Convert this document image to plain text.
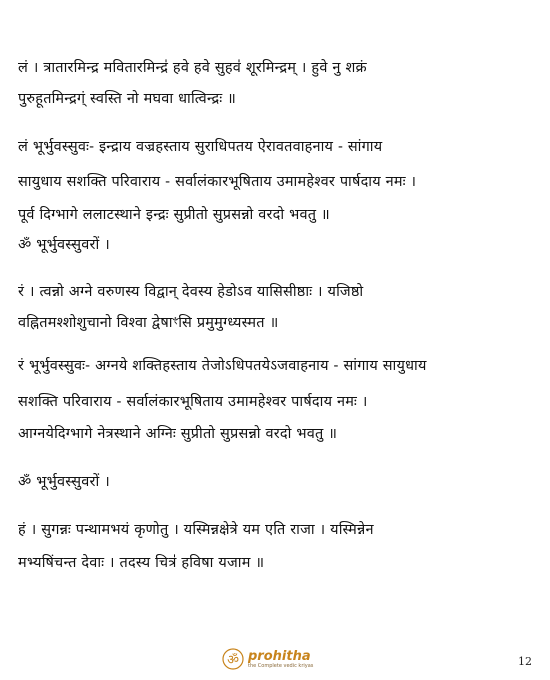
लं । त्रातारमिन्द्र मवितारमिन्द्र॑ हवे हवे सुहव॑ शूरमिन्द्रम् । हुवे नु शक्रं
पुरुहूतमिन्द्रग्ं स्वस्ति नो मघवा धात्विन्द्रः ॥
लं भूर्भुवस्सुवः- इन्द्राय वज्रहस्ताय सुराधिपतय ऐरावतवाहनाय - सांगाय
सायुधाय सशक्ति परिवाराय - सर्वालंकारभूषिताय उमामहेश्वर पार्षदाय नमः ।
पूर्व दिग्भागे ललाटस्थाने इन्द्रः सुप्रीतो सुप्रसन्नो वरदो भवतु ॥
ॐ भूर्भुवस्सुवरों ।
रं । त्वन्नो अग्ने वरुणस्य विद्वान् देवस्य हेडोऽव यासिसीष्ठाः । यजिष्ठो
वह्नितमश्शोशुचानो विश्वा द्वेषाꣳसि प्रमुमुग्ध्यस्मत ॥
रं भूर्भुवस्सुवः- अग्नये शक्तिहस्ताय तेजोऽधिपतयेऽजवाहनाय - सांगाय सायुधाय
सशक्ति परिवाराय - सर्वालंकारभूषिताय उमामहेश्वर पार्षदाय नमः ।
आग्नयेदिग्भागे नेत्रस्थाने अग्निः सुप्रीतो सुप्रसन्नो वरदो भवतु ॥
ॐ भूर्भुवस्सुवरों ।
हं । सुगन्नः पन्थामभयं कृणोतु । यस्मिन्नक्षेत्रे यम एति राजा । यस्मिन्नेन
मभ्यषिंचन्त देवाः । तदस्य चित्र॑ हविषा यजाम ॥
ॐ prohitha
the Complete vedic kriyas	12
